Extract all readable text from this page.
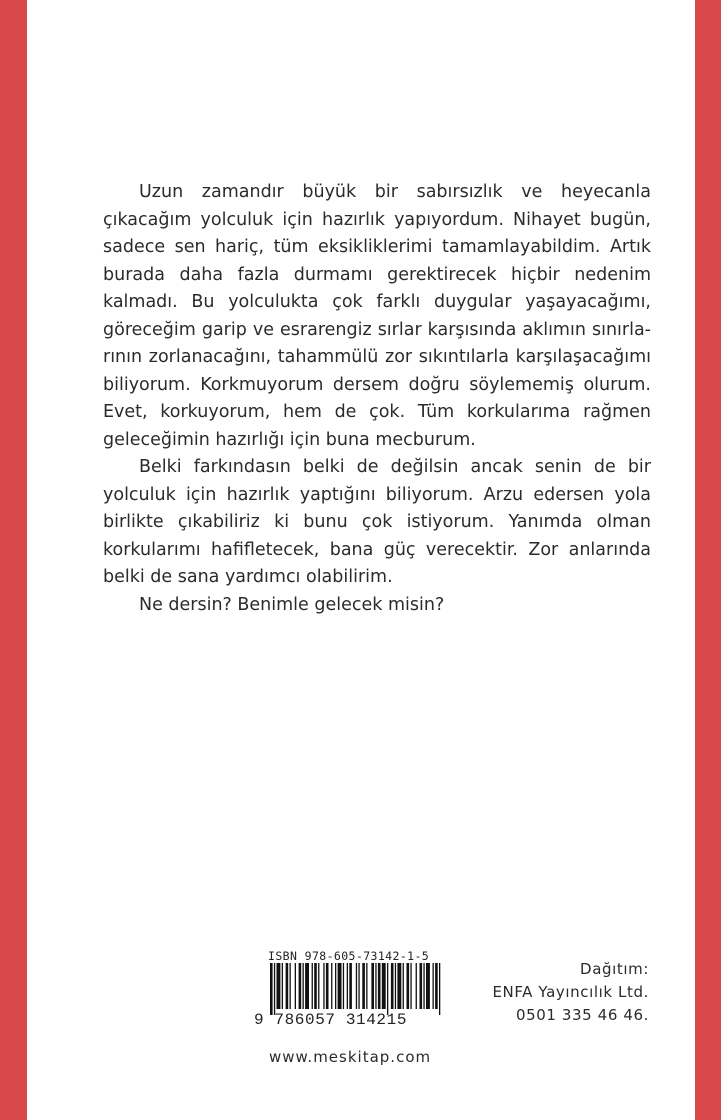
Uzun zamandır büyük bir sabırsızlık ve heyecanla çıkacağım yolculuk için hazırlık yapıyordum. Nihayet bugün, sadece sen hariç, tüm eksikliklerimi tamamlayabildim. Artık burada daha fazla durmamı gerektirecek hiçbir nedenim kalmadı. Bu yolculukta çok farklı duygular yaşayacağımı, göreceğim garip ve esrarengiz sırlar karşısında aklımın sınırla- rının zorlanacağını, tahammülü zor sıkıntılarla karşılaşacağımı biliyorum. Korkmuyorum dersem doğru söylememiş olurum. Evet, korkuyorum, hem de çok. Tüm korkularıma rağmen geleceğimin hazırlığı için buna mecburum.

Belki farkındasın belki de değilsin ancak senin de bir yolculuk için hazırlık yaptığını biliyorum. Arzu edersen yola birlikte çıkabiliriz ki bunu çok istiyorum. Yanımda olman korkularımı hafifletecek, bana güç verecektir. Zor anlarında belki de sana yardımcı olabilirim.

Ne dersin? Benimle gelecek misin?

ISBN 978-605-73142-1-5
9 786057 314215
Dağıtım:
ENFA Yayıncılık Ltd.
0501 335 46 46.
www.meskitap.com
